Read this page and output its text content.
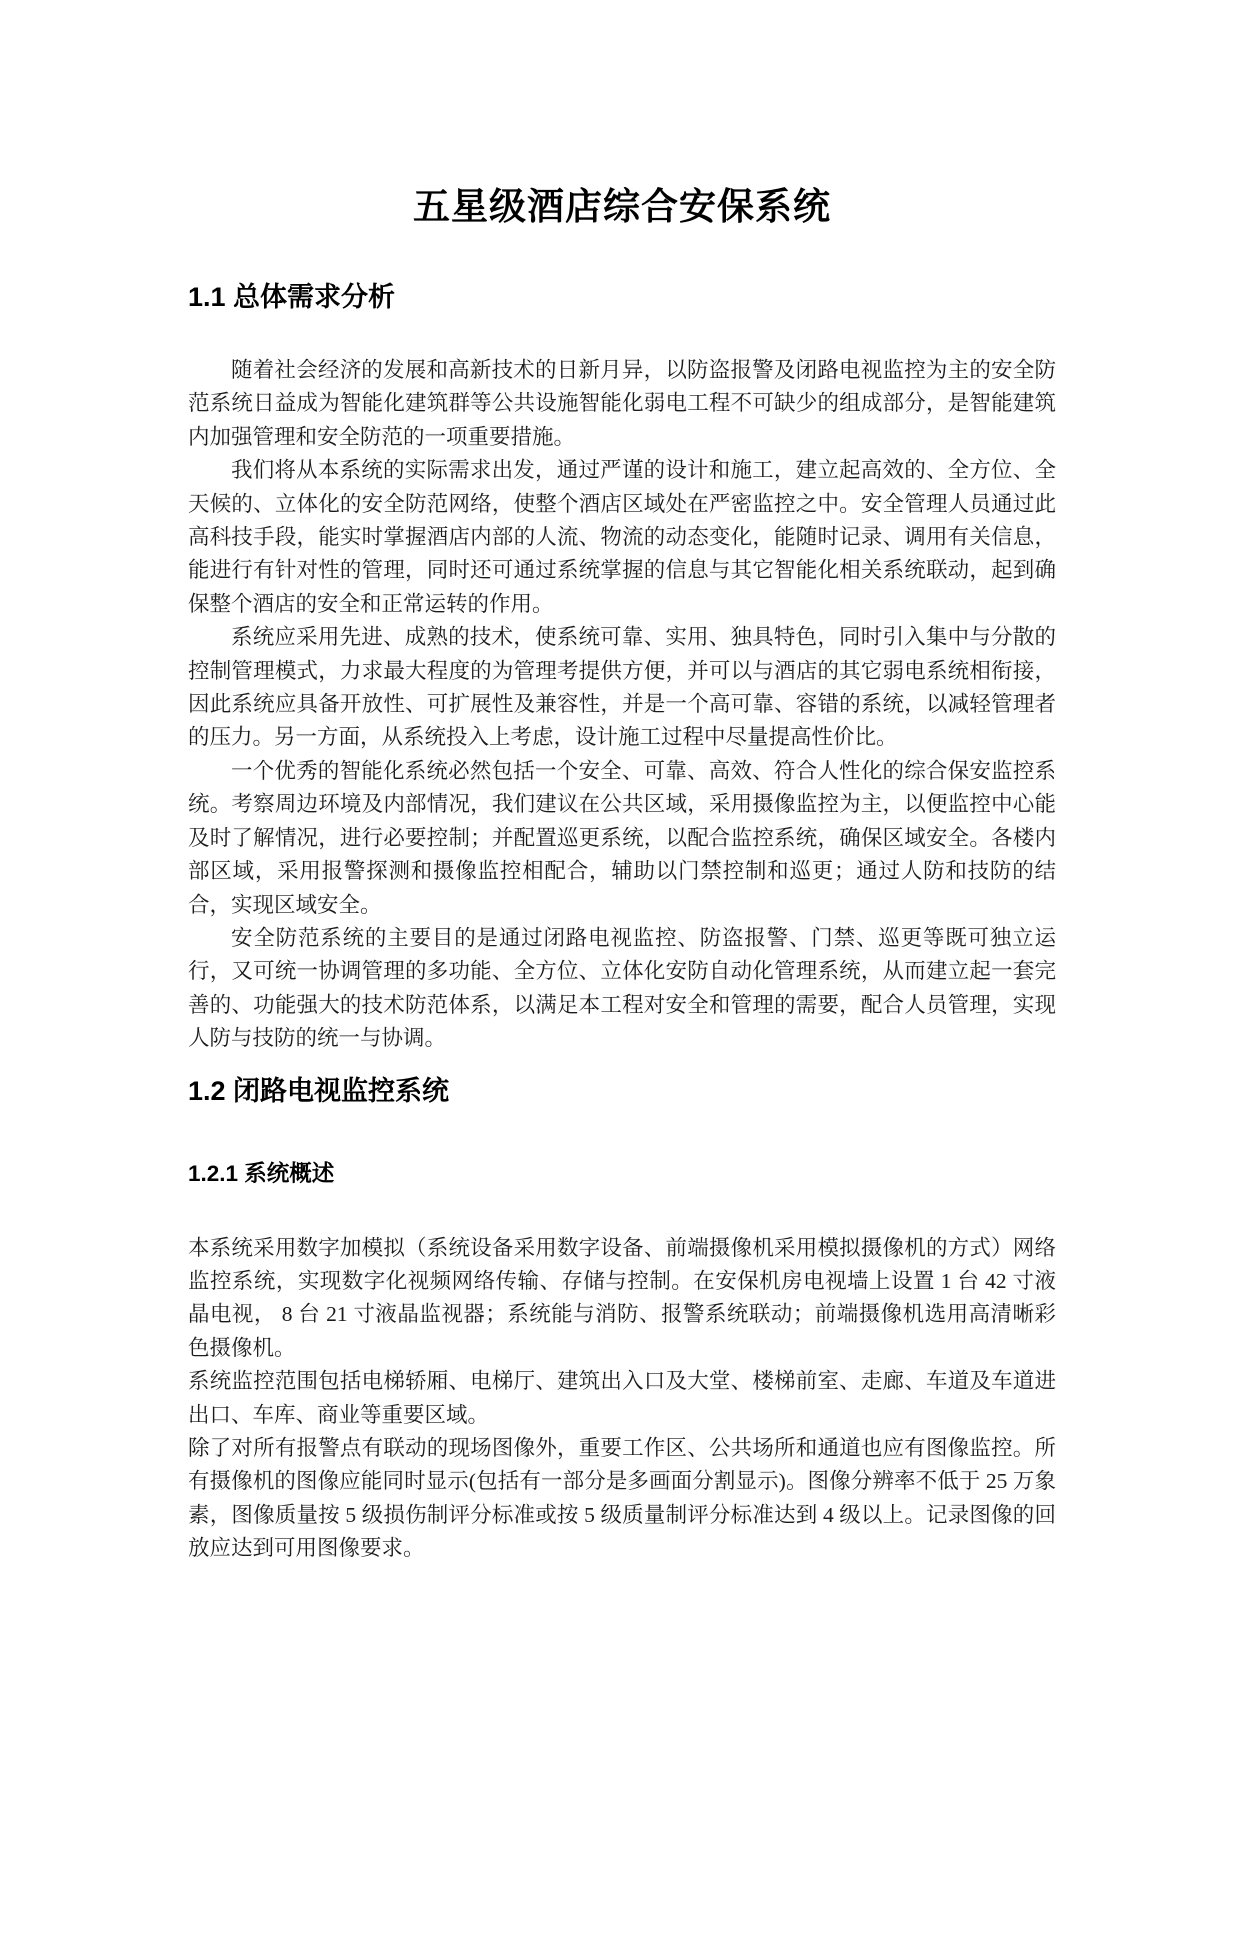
五星级酒店综合安保系统
1.1 总体需求分析

随着社会经济的发展和高新技术的日新月异，以防盗报警及闭路电视监控为主的安全防范系统日益成为智能化建筑群等公共设施智能化弱电工程不可缺少的组成部分，是智能建筑内加强管理和安全防范的一项重要措施。

我们将从本系统的实际需求出发，通过严谨的设计和施工，建立起高效的、全方位、全天候的、立体化的安全防范网络，使整个酒店区域处在严密监控之中。安全管理人员通过此高科技手段，能实时掌握酒店内部的人流、物流的动态变化，能随时记录、调用有关信息，能进行有针对性的管理，同时还可通过系统掌握的信息与其它智能化相关系统联动，起到确保整个酒店的安全和正常运转的作用。

系统应采用先进、成熟的技术，使系统可靠、实用、独具特色，同时引入集中与分散的控制管理模式，力求最大程度的为管理考提供方便，并可以与酒店的其它弱电系统相衔接，因此系统应具备开放性、可扩展性及兼容性，并是一个高可靠、容错的系统，以减轻管理者的压力。另一方面，从系统投入上考虑，设计施工过程中尽量提高性价比。

一个优秀的智能化系统必然包括一个安全、可靠、高效、符合人性化的综合保安监控系统。考察周边环境及内部情况，我们建议在公共区域，采用摄像监控为主，以便监控中心能及时了解情况，进行必要控制；并配置巡更系统，以配合监控系统，确保区域安全。各楼内部区域，采用报警探测和摄像监控相配合，辅助以门禁控制和巡更；通过人防和技防的结合，实现区域安全。

安全防范系统的主要目的是通过闭路电视监控、防盗报警、门禁、巡更等既可独立运行，又可统一协调管理的多功能、全方位、立体化安防自动化管理系统，从而建立起一套完善的、功能强大的技术防范体系，以满足本工程对安全和管理的需要，配合人员管理，实现人防与技防的统一与协调。

1.2 闭路电视监控系统
1.2.1 系统概述

本系统采用数字加模拟（系统设备采用数字设备、前端摄像机采用模拟摄像机的方式）网络监控系统，实现数字化视频网络传输、存储与控制。在安保机房电视墙上设置 1 台 42 寸液晶电视， 8 台 21 寸液晶监视器；系统能与消防、报警系统联动；前端摄像机选用高清晰彩色摄像机。

系统监控范围包括电梯轿厢、电梯厅、建筑出入口及大堂、楼梯前室、走廊、车道及车道进出口、车库、商业等重要区域。

除了对所有报警点有联动的现场图像外，重要工作区、公共场所和通道也应有图像监控。所有摄像机的图像应能同时显示(包括有一部分是多画面分割显示)。图像分辨率不低于 25 万象素，图像质量按 5 级损伤制评分标准或按 5 级质量制评分标准达到 4 级以上。记录图像的回放应达到可用图像要求。
